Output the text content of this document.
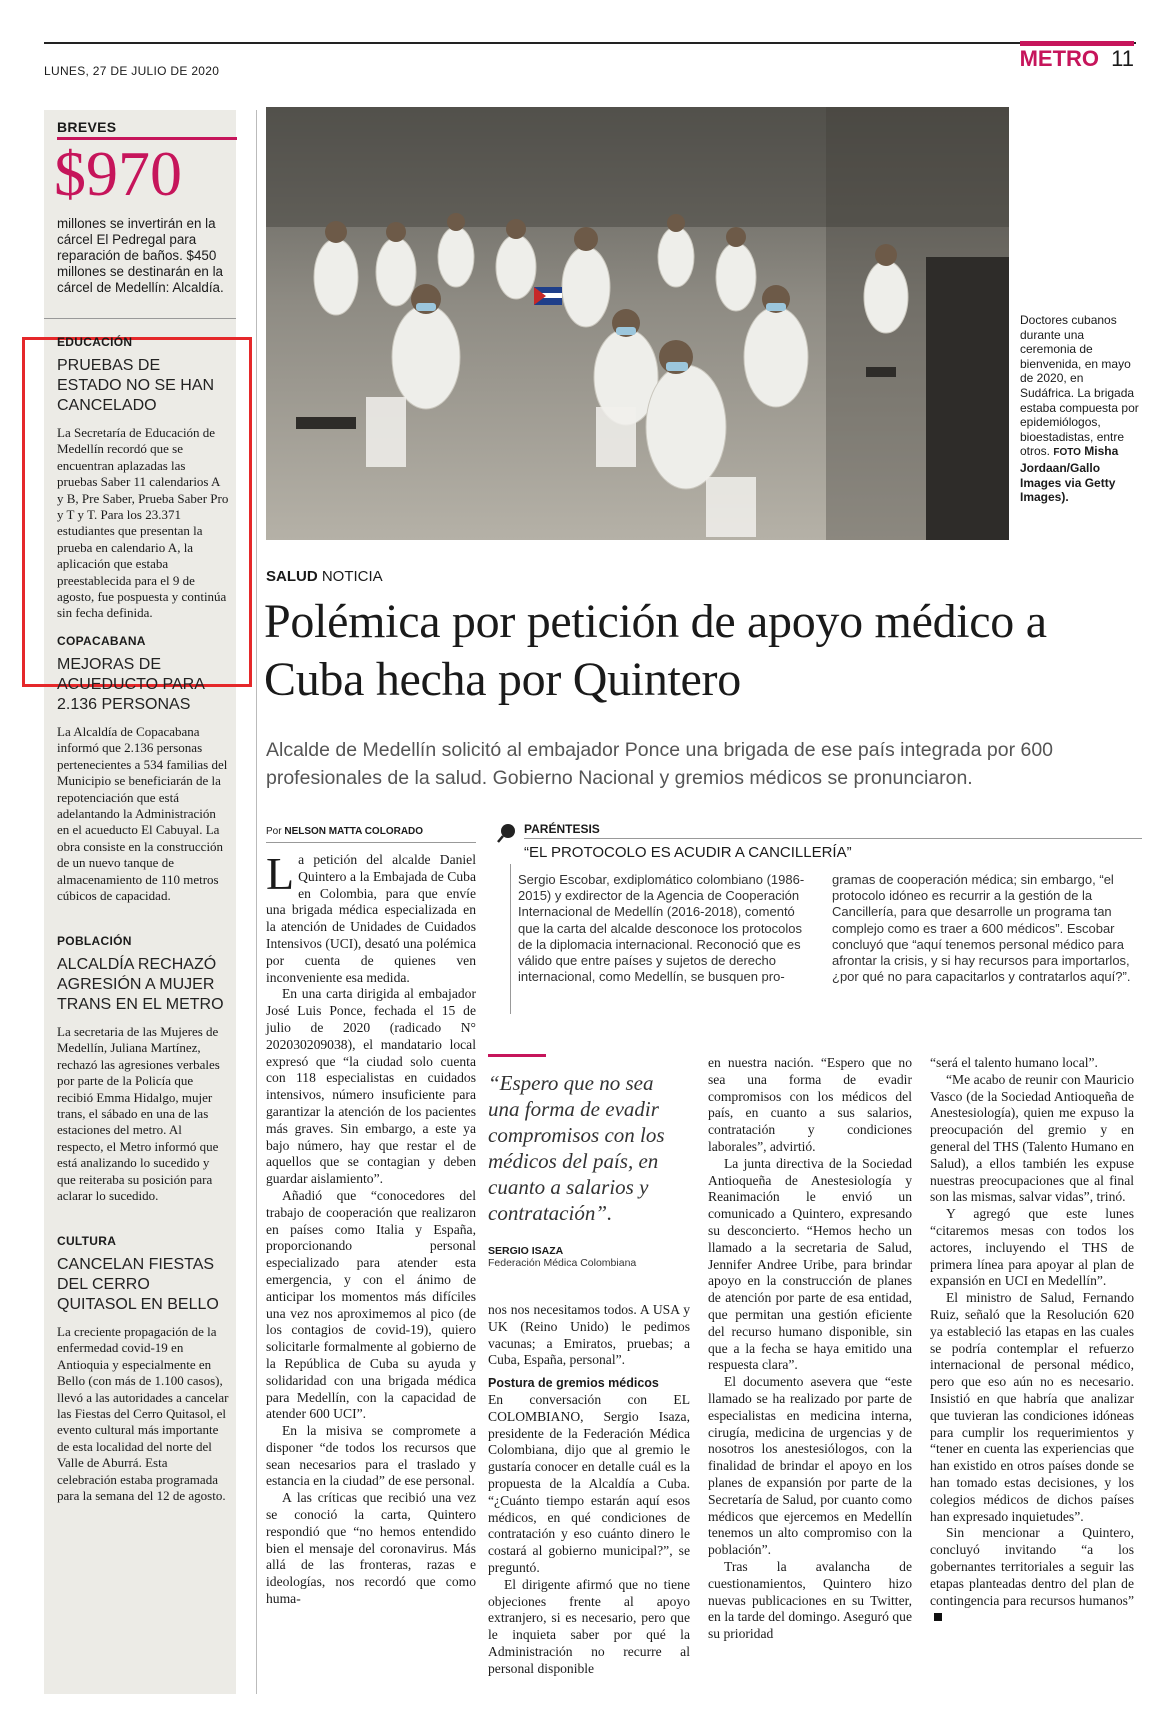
LUNES, 27 DE JULIO DE 2020	METRO 11
BREVES
$970
millones se invertirán en la cárcel El Pedregal para reparación de baños. $450 millones se destinarán en la cárcel de Medellín: Alcaldía.
EDUCACIÓN
PRUEBAS DE ESTADO NO SE HAN CANCELADO
La Secretaría de Educación de Medellín recordó que se encuentran aplazadas las pruebas Saber 11 calendarios A y B, Pre Saber, Prueba Saber Pro y T y T. Para los 23.371 estudiantes que presentan la prueba en calendario A, la aplicación que estaba preestablecida para el 9 de agosto, fue pospuesta y continúa sin fecha definida.
COPACABANA
MEJORAS DE ACUEDUCTO PARA 2.136 PERSONAS
La Alcaldía de Copacabana informó que 2.136 personas pertenecientes a 534 familias del Municipio se beneficiarán de la repotenciación que está adelantando la Administración en el acueducto El Cabuyal. La obra consiste en la construcción de un nuevo tanque de almacenamiento de 110 metros cúbicos de capacidad.
POBLACIÓN
ALCALDÍA RECHAZÓ AGRESIÓN A MUJER TRANS EN EL METRO
La secretaria de las Mujeres de Medellín, Juliana Martínez, rechazó las agresiones verbales por parte de la Policía que recibió Emma Hidalgo, mujer trans, el sábado en una de las estaciones del metro. Al respecto, el Metro informó que está analizando lo sucedido y que reiteraba su posición para aclarar lo sucedido.
CULTURA
CANCELAN FIESTAS DEL CERRO QUITASOL EN BELLO
La creciente propagación de la enfermedad covid-19 en Antioquia y especialmente en Bello (con más de 1.100 casos), llevó a las autoridades a cancelar las Fiestas del Cerro Quitasol, el evento cultural más importante de esta localidad del norte del Valle de Aburrá. Esta celebración estaba programada para la semana del 12 de agosto.
Doctores cubanos durante una ceremonia de bienvenida, en mayo de 2020, en Sudáfrica. La brigada estaba compuesta por epidemiólogos, bioestadistas, entre otros. FOTO Misha Jordaan/Gallo Images via Getty Images).
SALUD NOTICIA
Polémica por petición de apoyo médico a Cuba hecha por Quintero
Alcalde de Medellín solicitó al embajador Ponce una brigada de ese país integrada por 600 profesionales de la salud. Gobierno Nacional y gremios médicos se pronunciaron.
Por NELSON MATTA COLORADO

La petición del alcalde Daniel Quintero a la Embajada de Cuba en Colombia, para que envíe una brigada médica especializada en la atención de Unidades de Cuidados Intensivos (UCI), desató una polémica por cuenta de quienes ven inconveniente esa medida.

En una carta dirigida al embajador José Luis Ponce, fechada el 15 de julio de 2020 (radicado N° 202030209038), el mandatario local expresó que “la ciudad solo cuenta con 118 especialistas en cuidados intensivos, número insuficiente para garantizar la atención de los pacientes más graves. Sin embargo, a este ya bajo número, hay que restar el de aquellos que se contagian y deben guardar aislamiento”.

Añadió que “conocedores del trabajo de cooperación que realizaron en países como Italia y España, proporcionando personal especializado para atender esta emergencia, y con el ánimo de anticipar los momentos más difíciles una vez nos aproximemos al pico (de los contagios de covid-19), quiero solicitarle formalmente al gobierno de la República de Cuba su ayuda y solidaridad con una brigada médica para Medellín, con la capacidad de atender 600 UCI”.

En la misiva se compromete a disponer “de todos los recursos que sean necesarios para el traslado y estancia en la ciudad” de ese personal.

A las críticas que recibió una vez se conoció la carta, Quintero respondió que “no hemos entendido bien el mensaje del coronavirus. Más allá de las fronteras, razas e ideologías, nos recordó que como huma-

PARÉNTESIS
“EL PROTOCOLO ES ACUDIR A CANCILLERÍA”
Sergio Escobar, exdiplomático colombiano (1986-2015) y exdirector de la Agencia de Cooperación Internacional de Medellín (2016-2018), comentó que la carta del alcalde desconoce los protocolos de la diplomacia internacional. Reconoció que es válido que entre países y sujetos de derecho internacional, como Medellín, se busquen pro-
gramas de cooperación médica; sin embargo, “el protocolo idóneo es recurrir a la gestión de la Cancillería, para que desarrolle un programa tan complejo como es traer a 600 médicos”. Escobar concluyó que “aquí tenemos personal médico para afrontar la crisis, y si hay recursos para importarlos, ¿por qué no para capacitarlos y contratarlos aquí?”.
“Espero que no sea una forma de evadir compromisos con los médicos del país, en cuanto a salarios y contratación”.
SERGIO ISAZA
Federación Médica Colombiana

nos nos necesitamos todos. A USA y UK (Reino Unido) le pedimos vacunas; a Emiratos, pruebas; a Cuba, España, personal”.

Postura de gremios médicos

En conversación con EL COLOMBIANO, Sergio Isaza, presidente de la Federación Médica Colombiana, dijo que al gremio le gustaría conocer en detalle cuál es la propuesta de la Alcaldía a Cuba. “¿Cuánto tiempo estarán aquí esos médicos, en qué condiciones de contratación y eso cuánto dinero le costará al gobierno municipal?”, se preguntó.

El dirigente afirmó que no tiene objeciones frente al apoyo extranjero, si es necesario, pero que le inquieta saber por qué la Administración no recurre al personal disponible

en nuestra nación. “Espero que no sea una forma de evadir compromisos con los médicos del país, en cuanto a sus salarios, contratación y condiciones laborales”, advirtió.

La junta directiva de la Sociedad Antioqueña de Anestesiología y Reanimación le envió un comunicado a Quintero, expresando su desconcierto. “Hemos hecho un llamado a la secretaria de Salud, Jennifer Andree Uribe, para brindar apoyo en la construcción de planes de atención por parte de esa entidad, que permitan una gestión eficiente del recurso humano disponible, sin que a la fecha se haya emitido una respuesta clara”.

El documento asevera que “este llamado se ha realizado por parte de especialistas en medicina interna, cirugía, medicina de urgencias y de nosotros los anestesiólogos, con la finalidad de brindar el apoyo en los planes de expansión por parte de la Secretaría de Salud, por cuanto como médicos que ejercemos en Medellín tenemos un alto compromiso con la población”.

Tras la avalancha de cuestionamientos, Quintero hizo nuevas publicaciones en su Twitter, en la tarde del domingo. Aseguró que su prioridad

“será el talento humano local”.

“Me acabo de reunir con Mauricio Vasco (de la Sociedad Antioqueña de Anestesiología), quien me expuso la preocupación del gremio y en general del THS (Talento Humano en Salud), a ellos también les expuse nuestras preocupaciones que al final son las mismas, salvar vidas”, trinó.

Y agregó que este lunes “citaremos mesas con todos los actores, incluyendo el THS de primera línea para apoyar al plan de expansión en UCI en Medellín”.

El ministro de Salud, Fernando Ruiz, señaló que la Resolución 620 ya estableció las etapas en las cuales se podría contemplar el refuerzo internacional de personal médico, pero que eso aún no es necesario. Insistió en que habría que analizar que tuvieran las condiciones idóneas para cumplir los requerimientos y “tener en cuenta las experiencias que han existido en otros países donde se han tomado estas decisiones, y los colegios médicos de dichos países han expresado inquietudes”.

Sin mencionar a Quintero, concluyó invitando “a los gobernantes territoriales a seguir las etapas planteadas dentro del plan de contingencia para recursos humanos”
